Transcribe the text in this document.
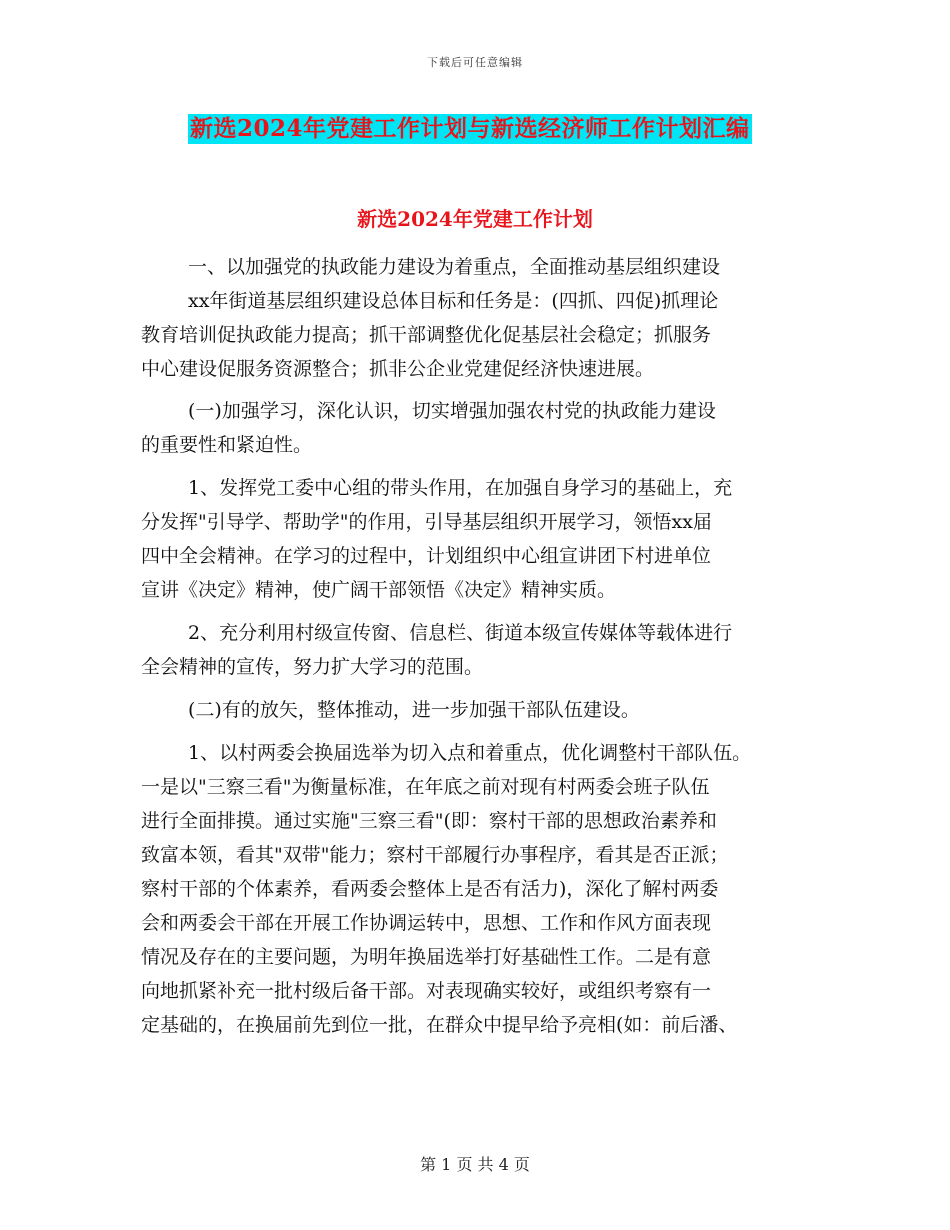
下载后可任意编辑
新选2024年党建工作计划与新选经济师工作计划汇编
新选2024年党建工作计划
一、以加强党的执政能力建设为着重点，全面推动基层组织建设
xx年街道基层组织建设总体目标和任务是：(四抓、四促)抓理论
教育培训促执政能力提高；抓干部调整优化促基层社会稳定；抓服务
中心建设促服务资源整合；抓非公企业党建促经济快速进展。
(一)加强学习，深化认识，切实增强加强农村党的执政能力建设
的重要性和紧迫性。
1、发挥党工委中心组的带头作用，在加强自身学习的基础上，充
分发挥"引导学、帮助学"的作用，引导基层组织开展学习，领悟xx届
四中全会精神。在学习的过程中，计划组织中心组宣讲团下村进单位
宣讲《决定》精神，使广阔干部领悟《决定》精神实质。
2、充分利用村级宣传窗、信息栏、街道本级宣传媒体等载体进行
全会精神的宣传，努力扩大学习的范围。
(二)有的放矢，整体推动，进一步加强干部队伍建设。
1、以村两委会换届选举为切入点和着重点，优化调整村干部队伍。
一是以"三察三看"为衡量标准，在年底之前对现有村两委会班子队伍
进行全面排摸。通过实施"三察三看"(即：察村干部的思想政治素养和
致富本领，看其"双带"能力；察村干部履行办事程序，看其是否正派；
察村干部的个体素养，看两委会整体上是否有活力)，深化了解村两委
会和两委会干部在开展工作协调运转中，思想、工作和作风方面表现
情况及存在的主要问题，为明年换届选举打好基础性工作。二是有意
向地抓紧补充一批村级后备干部。对表现确实较好，或组织考察有一
定基础的，在换届前先到位一批，在群众中提早给予亮相(如：前后潘、
第 1 页 共 4 页
